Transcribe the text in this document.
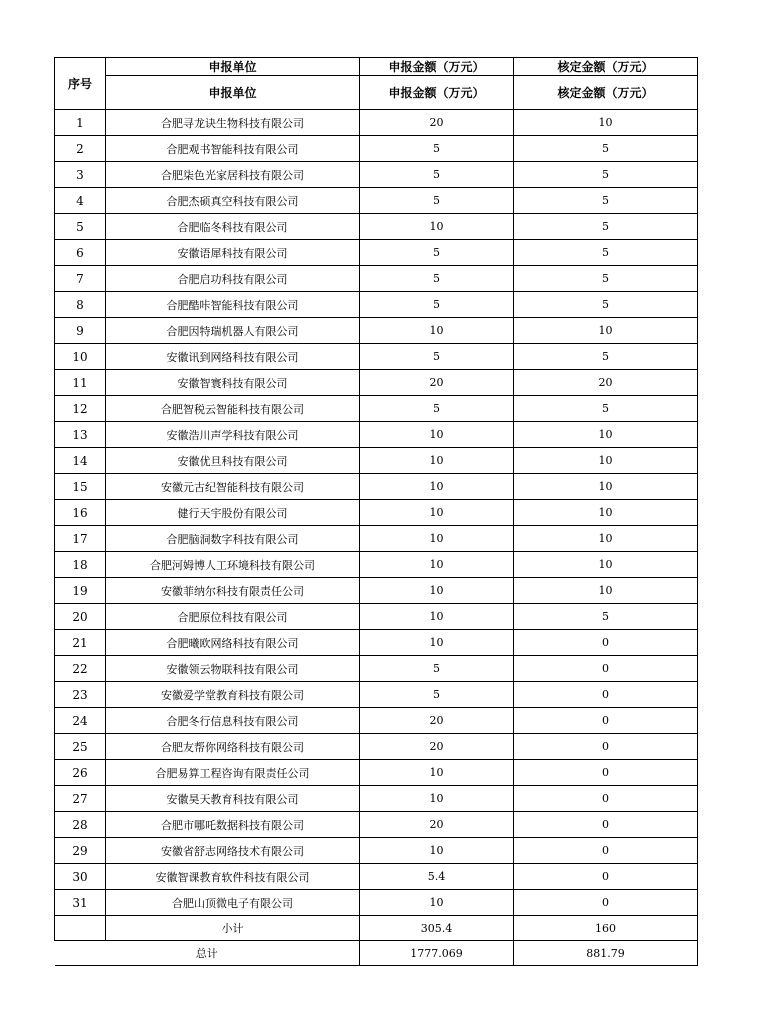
序号	申报单位	申报金额（万元）	核定金额（万元）
	申报单位	申报金额（万元）	核定金额（万元）
1	合肥寻龙诀生物科技有限公司	20	10
2	合肥观书智能科技有限公司	5	5
3	合肥柒色光家居科技有限公司	5	5
4	合肥杰硕真空科技有限公司	5	5
5	合肥临冬科技有限公司	10	5
6	安徽语犀科技有限公司	5	5
7	合肥启功科技有限公司	5	5
8	合肥酷咔智能科技有限公司	5	5
9	合肥因特瑞机器人有限公司	10	10
10	安徽讯到网络科技有限公司	5	5
11	安徽智寰科技有限公司	20	20
12	合肥智税云智能科技有限公司	5	5
13	安徽浩川声学科技有限公司	10	10
14	安徽优旦科技有限公司	10	10
15	安徽元古纪智能科技有限公司	10	10
16	健行天宇股份有限公司	10	10
17	合肥脑洞数字科技有限公司	10	10
18	合肥河姆博人工环境科技有限公司	10	10
19	安徽菲纳尔科技有限责任公司	10	10
20	合肥原位科技有限公司	10	5
21	合肥曦欧网络科技有限公司	10	0
22	安徽领云物联科技有限公司	5	0
23	安徽爱学堂教育科技有限公司	5	0
24	合肥冬行信息科技有限公司	20	0
25	合肥友帮你网络科技有限公司	20	0
26	合肥易算工程咨询有限责任公司	10	0
27	安徽昊天教育科技有限公司	10	0
28	合肥市哪吒数据科技有限公司	20	0
29	安徽省舒志网络技术有限公司	10	0
30	安徽智课教育软件科技有限公司	5.4	0
31	合肥山顶微电子有限公司	10	0
	小计	305.4	160
总计		1777.069	881.79
